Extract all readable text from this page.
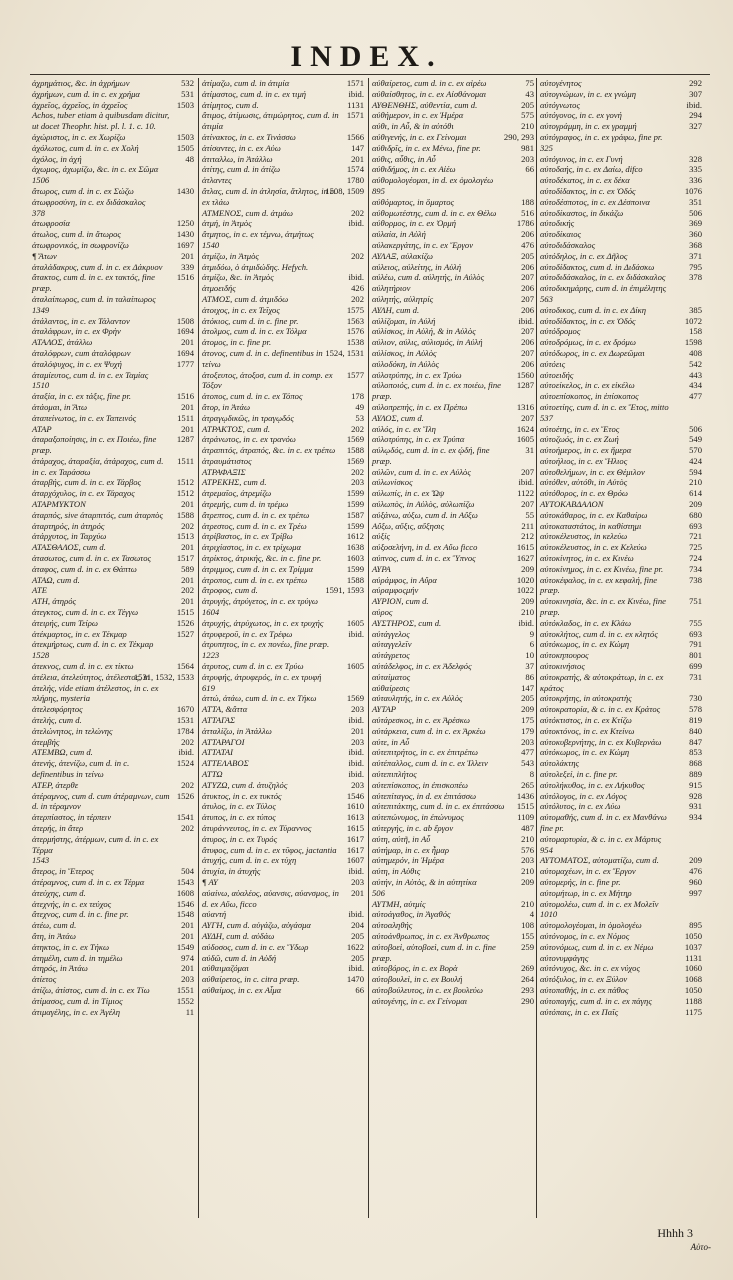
INDEX.
ἀχρημάτιος, &c. in ἀχρήμων	532
ἀχρήμων, cum d. in c. ex χρήμα	531
ἀχρεῖος, ἀχρεῖος, in ἀχρεῖος	1503
Achos, tuber etiam à quibusdam dicitur, ut docet Theophr. hist. pl. l. 1. c. 10.
ἀχώριστος, in c. ex Χωρίζω	1503
ἀχόλωτος, cum d. in c. ex Χολή	1505
ἀχόλος, in ἀχή	48
ἀχωμος, ἀχωμίζω, &c. in c. ex Σῶμα
1506
ἄτωρος, cum d. in c. ex Σώζω	1430
ἀτωφροσύνη, in c. ex διδάσκαλος
378
ἀτωφροσία	1250
ἀτωλος, cum d. in ἄτωρος	1430
ἀτωφρονικός, in σωφρονίζω	1697
¶ Ἄτων	201
ἀταλάδακρυς, cum d. in c. ex Δάκρυον 339
ἄτακτος, cum d. in c. ex τακτός, fine præp.
1516
ἀταλαίπωρος, cum d. in ταλαίπωρος
1349
ἀτάλαντος, in c. ex Τάλαντον	1508
ἀταλάφρων, in c. ex Φρὴν	1694
ΑΤΑΛΟΣ, ἀτάλλω	201
ἀταλόφρων, cum ἀταλόφρων	1694
ἀταλόψυχος, in c. ex Ψυχή	1777
ἀταμίευτος, cum d. in c. ex Ταμίας
1510
ἀταξία, in c. ex τάξις, fine pr.	1516
ἀτάομαι, in Ἄτω	201
ἀταπείνωτος, in c. ex Ταπεινός	1511
ΑΤΑΡ	201
ἀταραξοποίησις, in c. ex Ποιέω, fine præp.
1287
ἀτάραχος, ἀταραξία, ἀτάραχος, cum d. in c. ex Ταράσσω
1511
ἀταρβής, cum d. in c. ex Τάρβος	1512
ἀταρχόχυλος, in c. ex Τάραχος	1512
ΑΤΑΡΜΥΚΤΟΝ	201
ἀταρπός, sive ἀταρπιτός, cum ἀταρπὸς 1588
ἀταρτηρός, in ἀτηρός	202
ἀτάρχυτος, in Ταρχύω	1513
ΑΤΑΣΘΑΛΟΣ, cum d.	201
ἀτασωτος, cum d. in c. ex Τασωτος	1517
ἀταφος, cum d. in c. ex Θάπτω	589
ΑΤΑΩ, cum d.	201
ΑΤΕ	202
ΑΤΗ, ἀτηρός	201
ἀτεγκτος, cum d. in c. ex Τέγγω	1515
ἀτειρής, cum Τείρω	1526
ἀτέκμαρτος, in c. ex Τέκμαρ	1527
ἀτεκμήρτως, cum d. in c. ex Τέκμαρ
1528
ἀτεκνος, cum d. in c. ex τίκτω	1564
ἀτέλεια, ἀτελεύτητος, ἀτέλεστος, in ἀτελής, vide etiam ἀτέλεστος, in c. ex πλήρης, mysteria
1531, 1532, 1533
ἀτελεσφόρητος	1670
ἀτελής, cum d.	1531
ἀτελώνητος, in τελώνης	1784
ἀτεμβής	202
ΑΤΕΜΒΩ, cum d.	ibid.
ἀτενής, ἀτενίζω, cum d. in c. definentibus in τείνω
1524
ΑΤΕΡ, ἀτερθε	202
ἀτέραμνος, cum d. cum ἀτέραμνων, cum d. in τέραμνον
1526
ἀτερπίαστος, in τέρπειν	1541
ἀτερής, in ἄτερ	202
ἀτερμήστης, ἀτέρμων, cum d. in c. ex Τέρμα
1543
ἄτερος, in Ἕτερος	504
ἀτέραμνος, cum d. in c. ex Τέρμα	1543
ἀτεύχης, cum d.	1608
ἀτεχνής, in c. ex τεύχος	1546
ἄτεχνος, cum d. in c. fine pr.	1548
ἀτέω, cum d.	201
ἄτη, in Ἀτάω	201
ἀτηκτος, in c. ex Τήκω	1549
ἀτημέλη, cum d. in τημέλω	974
ἀτηρός, in Ἀτάω	201
ἀτίετος	203
ἀτίζω, ἀτίστος, cum d. in c. ex Τίω	1551
ἀτίμασος, cum d. in Τίμιος	1552
ἀτιμαγέλης, in c. ex Ἀγέλη	11
ἀτίμαζω, cum d. in ἀτιμία	1571
ἀτίμαστος, cum d. in c. ex τιμή	ibid.
ἀτίμητος, cum d.	1131
ἄτιμος, ἀτίμωσις, ἀτιμώρητος, cum d. in ἀτιμία
1571
ἀτίνακτος, in c. ex Τινάσσω	1566
ἀτίσαντες, in c. ex Αὐω	147
ἀτιταλλω, in Ἀτάλλω	201
ἀτίτης, cum d. in ἀτίζω	1574
ἀτλαντες	1780
ἄτλας, cum d. in ἀτλησία, ἄτλητος, in c. ex τλάω
1508, 1509
ΑΤΜΕΝΟΣ, cum d. ἀτμάω	202
ἀτμή, in Ἀτμὸς	ibid.
ἄτμητος, in c. ex τέμνω, ἀτμήτως
1540
ἀτμίζω, in Ἀτμὸς	202
ἀτμιδόω, ὁ ἀτμιδώδης. Hefych.
ἀτμίζω, &c. in Ἀτμὸς	ibid.
ἀτμοειδής	426
ΑΤΜΟΣ, cum d. ἀτμιδόω	202
ἀτοιχος, in c. ex Τεῖχος	1575
ἀτόκιος, cum d. in c. fine pr.	1563
ἀτολμος, cum d. in c. ex Τόλμα	1576
ἀτομος, in c. fine pr.	1538
ἀτονος, cum d. in c. definentibus in τείνω
1524, 1531
ἀτοξευτος, ἀτοξοσ, cum d. in comp. ex Τόξον
1577
ἀτοπος, cum d. in c. ex Τόπος	178
ἄτορ, in Ἀτάω	49
ἀτραγῳδικῶς, in τραγῳδός	53
ΑΤΡΑΚΤΟΣ, cum d.	202
ἀτράνωτος, in c. ex τρανόω	1569
ἀτραπιτός, ἀτραπός, &c. in c. ex τρέπω 1588
ἀτραυμάτιστος	1569
ΑΤΡΑΦΑΞΙΣ	202
ΑΤΡΕΚΗΣ, cum d.	203
ἀτρεμαῖος, ἀτρεμίζω	1599
ἀτρεμής, cum d. in τρέμω	1599
ἄτρεπτος, cum d. in c. ex τρέπω	1587
ἀτρεστος, cum d. in c. ex Τρέω	1599
ἀτρίβαστος, in c. ex Τρίβω	1612
ἀτριχίαστος, in c. ex τρίχωμα	1638
ἀτρίκτος, ἀτρικής, &c. in c. fine pr.	1603
ἀτριμμος, cum d. in c. ex Τρίμμα	1599
ἀτροπος, cum d. in c. ex τρέπω	1588
ἄτροφος, cum d.	1591, 1593
ἀτρυγής, ἀτρύγετος, in c. ex τρύγω
1604
ἀτρυχής, ἀτρύχωτος, in c. ex τρυχής	1605
ἀτρυφεροῦ, in c. ex Τρέφω	ibid.
ἀτρυπητος, in c. ex πονέω, fine præp.
1223
ἀτρυτος, cum d. in c. ex Τρύω	1605
ἀτρυφής, ἀτρυφερός, in c. ex τρυφή
619
ἀττώ, ἀτάω, cum d. in c. ex Τήκω	1569
ΑΤΤΑ, &ἄττα	203
ΑΤΤΑΓΑΣ	ibid.
ἀτταλίζω, in Ἀτάλλω	201
ΑΤΤΑΡΑΓΟΙ	203
ΑΤΤΑΤΑΙ	ibid.
ΑΤΤΕΛΑΒΟΣ	ibid.
ΑΤΤΩ	ibid.
ΑΤΥΖΩ, cum d. ἀτυζηλός	203
ἀτυκτος, in c. ex τυκτός	1546
ἀτυλος, in c. ex Τύλος	1610
ἀτυπος, in c. ex τύπος	1613
ἀτυράννευτος, in c. ex Τύραννος	1615
ἀτυρος, in c. ex Τυρός	1617
ἄτυφος, cum d. in c. ex τῦφος, jactantia 1617
ἀτυχής, cum d. in c. ex τύχη	1607
ἀτυχία, in ἀτυχής	ibid.
¶ ΑΥ	203
αὐαίνω, αὐαλέος, αὐανσις, αὐανσμος, in d. ex Αὔω, ficco
201
αὐαντή	ibid.
ΑΥΓΗ, cum d. αὐγάζω, αὐγάσμα	204
ΑΥΔΗ, cum d. αὐδάω	205
αὐδοσος, cum d. in c. ex Ὕδωρ	1622
αὐδῶ, cum d. in Αὐδή	205
αὐθαιμαζόμαι	ibid.
αὐθαίρετος, in c. citra præp.	1470
αὐθαίμος, in c. ex Αἷμα	66
αὐθαίρετος, cum d. in c. ex αἱρέω	75
αὐθαίσθητος, in c. ex Αἰσθάνομαι	43
ΑΥΘΕΝΘΗΣ, αὐθεντία, cum d.	205
αὐθήμερον, in c. ex Ἡμέρα	575
αὐθι, in Αὖ, & in αὐτόθι	210
αὐθιγενής, in c. ex Γείνομαι	290, 293
αὐθιδρῖς, in c. ex Μένω, fine pr.	981
αὐθις, αὖθις, in Αὖ	203
αὐθιδήμος, in c. ex Αἰέω	66
αὐθομολογέομαι, in d. ex ὁμολογέω
895
αὐθόμαρτος, in ὅμαρτος	188
αὐθομωτέστης, cum d. in c. ex Θέλω	516
αὐθορμος, in c. ex Ὁρμή	1786
αὐλαία, in Αὐλή	206
αὐλακεργάτης, in c. ex Ἔργον	476
ΑΥΛΑΞ, αὐλακίζω	205
αὐλειος, αὐλείτης, in Αὐλή	206
αὐλέω, cum d. αὐλητής, in Αὐλὸς	207
αὐλητήριον	206
αὐλητής, αὐλητρίς	207
ΑΥΛΗ, cum d.	206
αὐλίζομαι, in Αὐλή	ibid.
αὐλίσκος, in Αὐλή, & in Αὐλὸς	207
αὐλιον, αὐλις, αὐλισμός, in Αὐλή	206
αὐλίσκος, in Αὐλὸς	207
αὐλοδόκη, in Αὐλὸς	206
αὐλοτρύπης, in c. ex Τρύω	1560
αὐλοποιός, cum d. in c. ex ποιέω, fine præp.
1287
αὐλοπρεπής, in c. ex Πρέπω	1316
ΑΥΛΟΣ, cum d.	207
αὐλός, in c. ex Ἴλη	1624
αὐλοτρύπης, in c. ex Τρύπα	1605
αὐλῳδός, cum d. in c. ex ᾠδή, fine præp.
31
αὐλῶν, cum d. in c. ex Αὐλὸς	207
αὐλωνίσκος	ibid.
αὐλωπίς, in c. ex Ὤψ	1122
αὐλωπὸς, in Αὐλὸς, αὐλωπίζω	207
αὐξάνω, αὐξω, cum d. in Αὔξω	55
Αὔξω, αὔξις, αὔξησις	211
αὐξίς	212
αὐξοσελήνη, in d. ex Αὔω ficco	1615
αὐπνος, cum d. in c. ex Ὕπνος	1627
ΑΥΡΑ	209
αὐράμφος, in Αὔρα	1020
αὐραμφοςμήν	1022
ΑΥΡΙΟΝ, cum d.	209
αὐρος	210
ΑΥΣΤΗΡΟΣ, cum d.	ibid.
αὐτάγγελος	9
αὐταγγελεῖν	6
αὐτάγρετος	10
αὐτάδελφος, in c. ex Ἀδελφός	37
αὐταίματος	86
αὐθαίρεσις	147
αὐταυλητής, in c. ex Αὐλὸς	205
ΑΥΤΑΡ	209
αὐτάρεσκος, in c. ex Ἀρέσκω	175
αὐτάρκεια, cum d. in c. ex Ἀρκέω	179
αὐτε, in Αὖ	203
αὐτεπιτρήτος, in c. ex ἐπιτρέπω	477
αὐτέπαλλος, cum d. in c. ex Ἰλλειν	543
αὐτεπιπλήτος	8
αὐτεπίσκοπος, in ἐπισκοπέω	265
αὐτεπίταγος, in d. ex ἐπιτάσσω	1436
αὐτεπιτάκτης, cum d. in c. ex ἐπιτάσσω 1515
αὐτεπώνυμος, in ἐπώνυμος	1109
αὐτεργής, in c. ab ἔργον	487
αὐτη, αὐτῆ, in Αὖ	210
αὐτήμαρ, in c. ex ἦμαρ	576
αὐτημερόν, in Ἡμέρα	203
αὐτη, in Αὐθις	210
αὐτήν, in Αὐτὸς, & in αὐτητίκα	209
506
ΑΥΤΜΗ, αὐτμίς	210
αὐτοάγαθος, in Ἀγαθός	4
αὐτοαληθής	108
αὐτοάνθρωπος, in c. ex Ἀνθρωπος	155
αὐτοβοεὶ, αὐτοβοεὶ, cum d. in c. fine præp.
259
αὐτοβόρος, in c. ex Βορὰ	269
αὐτοβουλεὶ, in c. ex Βουλή	264
αὐτοβούλευτος, in c. ex βουλεύω	293
αὐτογένης, in c. ex Γείνομαι	290
αὐτογένητος	292
αὐτογνώμων, in c. ex γνώμη	307
αὐτόγνωτος	ibid.
αὐτόγονος, in c. ex γονή	294
αὐτογράμμη, in c. ex γραμμή	327
αὐτόγραφος, in c. ex γράφω, fine pr.
325
αὐτόγυνος, in c. ex Γυνή	328
αὐτοδαής, in c. ex Δαίω, difco	335
αὐτοδέκατος, in c. ex δέκα	336
αὐτοδίδακτος, in c. ex Ὁδός	1076
αὐτοδέσποτος, in c. ex Δέσποινα	351
αὐτοδίκαστος, in δικάζω	506
αὐτοδικής	369
αὐτοδίκαιος	360
αὐτοδιδάσκαλος	368
αὐτόδηλος, in c. ex Δῆλος	371
αὐτοδίδακτος, cum d. in Διδάσκω	795
αὐτοδιδάσκαλος, in c. ex διδάσκαλος	378
αὐτοδικημάρης, cum d. in ἐπιμέλητης
563
αὐτοδικος, cum d. in c. ex Δίκη	385
αὐτοδίδακτος, in c. ex Ὁδός	1072
αὐτόδρομος	158
αὐτοδρόμως, in c. ex δρόμω	1598
αὐτόδωρος, in c. ex Δωρεῶμαι	408
αὐτόεις	542
αὐτοειδής	443
αὐτοείκελος, in c. ex εἰκέλω	434
αὐτοεπίσκοπος, in ἐπίσκοπος	477
αὐτοετίης, cum d. in c. ex Ἔτος, mitto
537
αὐτοέτης, in c. ex Ἔτος	506
αὐτοζωός, in c. ex Ζωή	549
αὐτοήμερος, in c. ex ἥμερα	570
αὐτοήλιος, in c. ex Ἥλιος	424
αὐτοθελήμων, in c. ex Θέμιλον	594
αὐτόθεν, αὐτόθι, in Αὐτὸς	210
αὐτόθορος, in c. ex Θρόω	614
ΑΥΤΟΚΑΒΔΑΛΟΝ	209
αὐτοκάθαρος, in c. ex Καθαίρω	680
αὐτοκαταστάτος, in καθίστημι	693
αὐτοκέλευστος, in κελεύω	721
αὐτοκέλευστος, in c. ex Κελεύω	725
αὐτοκίνητος, in c. ex Κινέω	724
αὐτοκίνημος, in c. ex Κινέω, fine pr.	734
αὐτοκέφαλος, in c. ex κεφαλή, fine præp.
738
αὐτοκινησία, &c. in c. ex Κινέω, fine præp.
751
αὐτόκλαδος, in c. ex Κλάω	755
αὐτοκλήτος, cum d. in c. ex κλητός	693
αὐτόκωμος, in c. ex Κώμη	791
αὐτοκηπουρος	801
αὐτοκινήσιος	699
αὐτοκρατής, & αὐτοκράτωρ, in c. ex κράτος
731
αὐτοκρήτης, in αὐτοκρατὴς	730
αὐτοκρατορία, & c. in c. ex Κράτος	578
αὐτόκτιστος, in c. ex Κτίζω	819
αὐτοκτόνος, in c. ex Κτείνω	840
αὐτοκυβερνήτης, in c. ex Κυβερνάω	847
αὐτόκωμος, in c. ex Κώμη	853
αὐτολάκτης	868
αὐτολεξεί, in c. fine pr.	889
αὐτολήκυθος, in c. ex Λήκυθος	915
αὐτόλογος, in c. ex Λόγος	928
αὐτόλυτος, in c. ex Λύω	931
αὐτομαθής, cum d. in c. ex Μανθάνω	934
fine pr.
αὐτομαρτυρία, & c. in c. ex Μάρτυς
954
ΑΥΤΟΜΑΤΟΣ, αὐτοματίζω, cum d.	209
αὐτομαχέων, in c. ex Ἔργον	476
αὐτομερής, in c. fine pr.	960
αὐτομήτωρ, in c. ex Μήτηρ	997
αὐτομολέω, cum d. in c. ex Μολεῖν
1010
αὐτομολογέομαι, in ὁμολογέω	895
αὐτόνομος, in c. ex Νόμος	1050
αὐτονόμως, cum d. in c. ex Νέμω	1037
αὐτονυμφάγης	1131
αὐτόνυχος, &c. in c. ex νύχος	1060
αὐτόξυλος, in c. ex Ξύλον	1068
αὐτοπαθής, in c. ex πάθος	1050
αὐτοπαγής, cum d. in c. ex πάγης	1188
αὐτόπαις, in c. ex Παῖς	1175
Hhhh 3
Αὐτο-
